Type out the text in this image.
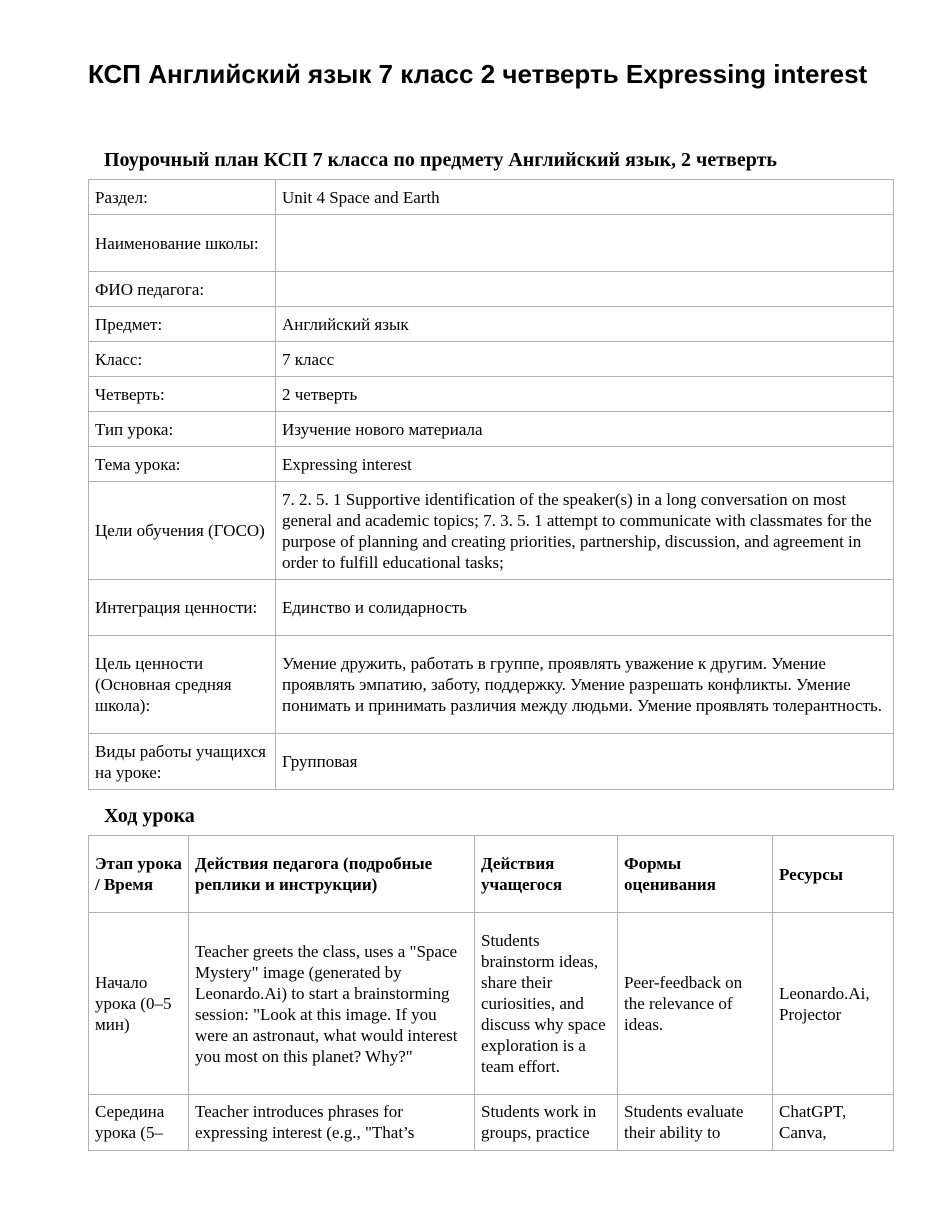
КСП Английский язык 7 класс 2 четверть Expressing interest
Поурочный план КСП 7 класса по предмету Английский язык, 2 четверть
Раздел:	Unit 4 Space and Earth
Наименование школы:	
ФИО педагога:	
Предмет:	Английский язык
Класс:	7 класс
Четверть:	2 четверть
Тип урока:	Изучение нового материала
Тема урока:	Expressing interest
Цели обучения (ГОСО)	7. 2. 5. 1 Supportive identification of the speaker(s) in a long conversation on most general and academic topics; 7. 3. 5. 1 attempt to communicate with classmates for the purpose of planning and creating priorities, partnership, discussion, and agreement in order to fulfill educational tasks;
Интеграция ценности:	Единство и солидарность
Цель ценности (Основная средняя школа):	Умение дружить, работать в группе, проявлять уважение к другим. Умение проявлять эмпатию, заботу, поддержку. Умение разрешать конфликты. Умение понимать и принимать различия между людьми. Умение проявлять толерантность.
Виды работы учащихся на уроке:	Групповая
Ход урока
Этап урока / Время	Действия педагога (подробные реплики и инструкции)	Действия учащегося	Формы оценивания	Ресурсы
Начало урока (0–5 мин)	Teacher greets the class, uses a "Space Mystery" image (generated by Leonardo.Ai) to start a brainstorming session: "Look at this image. If you were an astronaut, what would interest you most on this planet? Why?"	Students brainstorm ideas, share their curiosities, and discuss why space exploration is a team effort.	Peer-feedback on the relevance of ideas.	Leonardo.Ai, Projector

Середина урока (5–	Teacher introduces phrases for expressing interest (e.g., "That’s	Students work in groups, practice	Students evaluate their ability to	ChatGPT, Canva,
